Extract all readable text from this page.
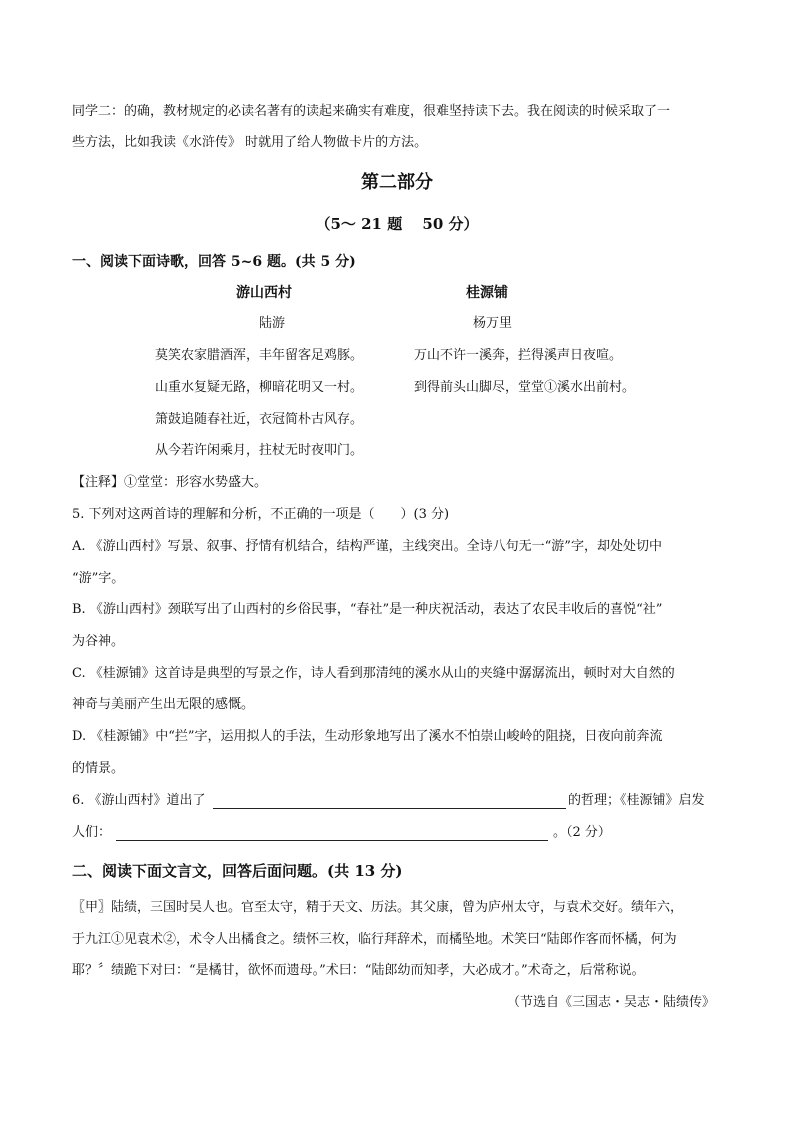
同学二：的确，教材规定的必读名著有的读起来确实有难度，很难坚持读下去。我在阅读的时候采取了一
些方法，比如我读《水浒传》 时就用了给人物做卡片的方法。
第二部分
（5～ 21 题　 50 分）
一、阅读下面诗歌，回答 5~6 题。(共 5 分)
游山西村
陆游
莫笑农家腊酒浑，丰年留客足鸡豚。
山重水复疑无路，柳暗花明又一村。
箫鼓追随春社近，衣冠简朴古风存。
从今若许闲乘月，拄杖无时夜叩门。
桂源铺
杨万里
万山不许一溪奔，拦得溪声日夜喧。
到得前头山脚尽，堂堂①溪水出前村。
【注释】①堂堂：形容水势盛大。
5. 下列对这两首诗的理解和分析，不正确的一项是（　　）(3 分)
A. 《游山西村》写景、叙事、抒情有机结合，结构严谨，主线突出。全诗八句无一“游”字，却处处切中
“游”字。
B. 《游山西村》颈联写出了山西村的乡俗民事，“春社”是一种庆祝活动，表达了农民丰收后的喜悦“社”
为谷神。
C. 《桂源铺》这首诗是典型的写景之作，诗人看到那清纯的溪水从山的夹缝中潺潺流出，顿时对大自然的
神奇与美丽产生出无限的感慨。
D. 《桂源铺》中“拦”字，运用拟人的手法，生动形象地写出了溪水不怕崇山峻岭的阻挠，日夜向前奔流
的情景。
6. 《游山西村》道出了	的哲理；《桂源铺》启发
人们：	。（2 分）
二、阅读下面文言文，回答后面问题。(共 13 分)
〖甲〗陆绩，三国时吴人也。官至太守，精于天文、历法。其父康，曾为庐州太守，与袁术交好。绩年六，
于九江①见袁术②，术令人出橘食之。绩怀三枚，临行拜辞术，而橘坠地。术笑曰“陆郎作客而怀橘，何为
耶？〞绩跪下对曰：“是橘甘，欲怀而遗母。”术曰：“陆郎幼而知孝，大必成才。”术奇之，后常称说。
（节选自《三国志・吴志・陆绩传》
